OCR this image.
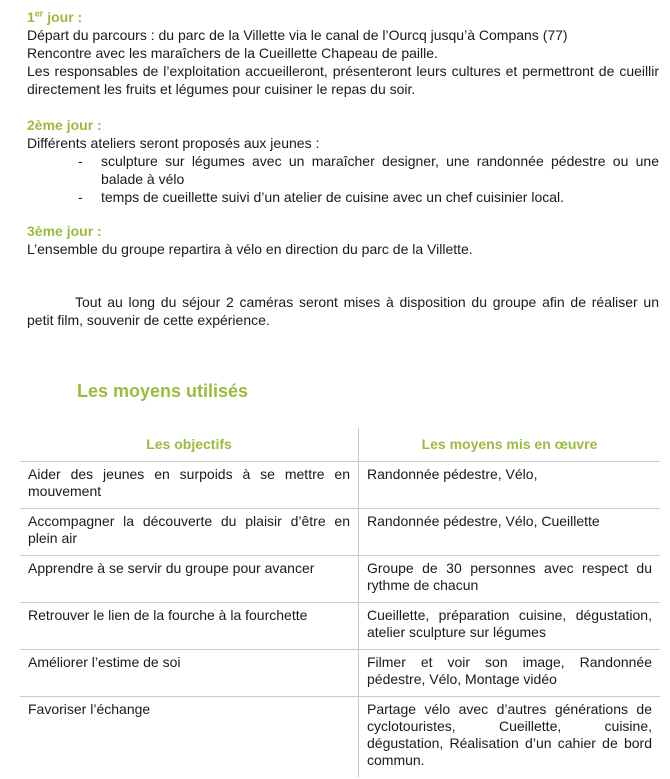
1er jour :

Départ du parcours : du parc de la Villette via le canal de l’Ourcq jusqu’à Compans (77)

Rencontre avec les maraîchers de la Cueillette Chapeau de paille.

Les responsables de l’exploitation accueilleront, présenteront leurs cultures et permettront de cueillir directement les fruits et légumes pour cuisiner le repas du soir.

2ème jour :

Différents ateliers seront proposés aux jeunes :

- sculpture sur légumes avec un maraîcher designer, une randonnée pédestre ou une balade à vélo
- temps de cueillette suivi d’un atelier de cuisine avec un chef cuisinier local.

3ème jour :

L’ensemble du groupe repartira à vélo en direction du parc de la Villette.

Tout au long du séjour 2 caméras seront mises à disposition du groupe afin de réaliser un petit film, souvenir de cette expérience.

Les moyens utilisés
Les objectifs	Les moyens mis en œuvre
Aider des jeunes en surpoids à se mettre en mouvement	Randonnée pédestre, Vélo,
Accompagner la découverte du plaisir d’être en plein air	Randonnée pédestre, Vélo, Cueillette
Apprendre à se servir du groupe pour avancer	Groupe de 30 personnes avec respect du rythme de chacun
Retrouver le lien de la fourche à la fourchette	Cueillette, préparation cuisine, dégustation, atelier sculpture sur légumes
Améliorer l’estime de soi	Filmer et voir son image, Randonnée pédestre, Vélo, Montage vidéo
Favoriser l’échange	Partage vélo avec d’autres générations de cyclotouristes, Cueillette, cuisine, dégustation, Réalisation d’un cahier de bord commun.
